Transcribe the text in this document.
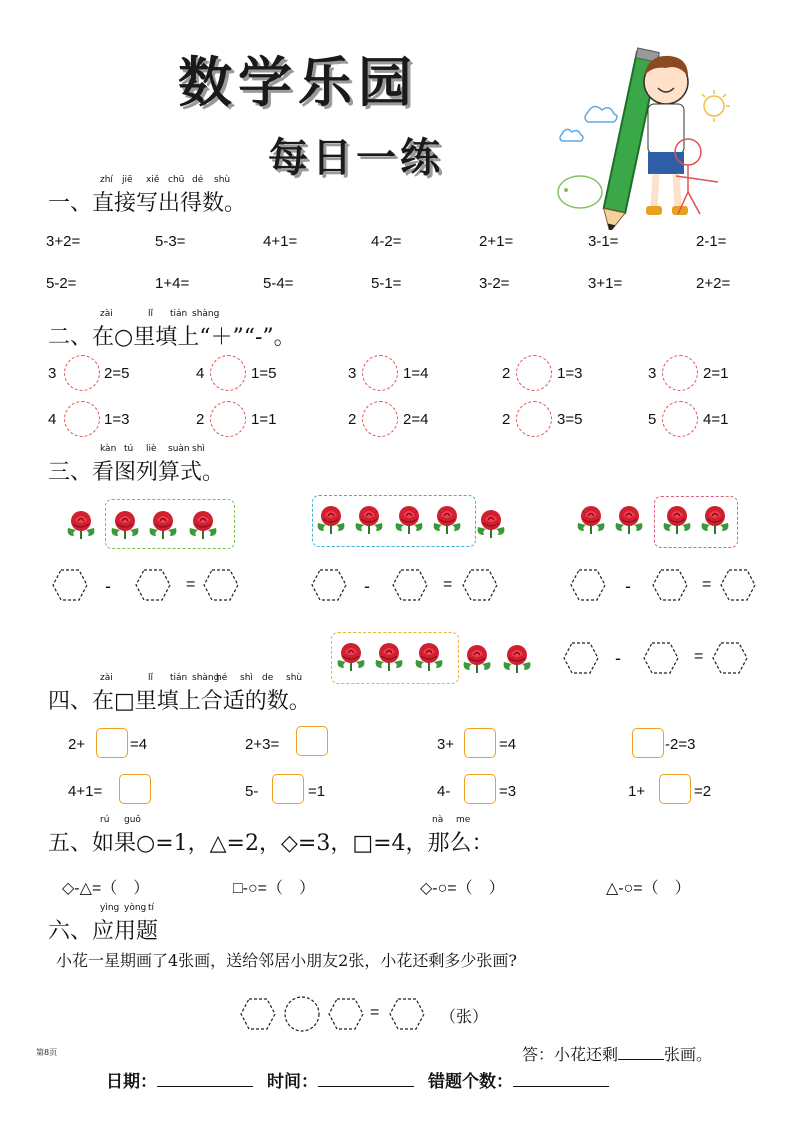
数学乐园
每日一练
一、直接写出得数。
zhí jiē xiě chū dé shù
3+2=	5-3=	4+1=	4-2=	2+1=	3-1=	2-1=
5-2=	1+4=	5-4=	5-1=	3-2=	3+1=	2+2=
二、在○里填上“＋”“-”。
zài	lǐ tián shàng
3	2=5	4	1=5	3	1=4	2	1=3	3	2=1
4	1=3	2	1=1	2	2=4	2	3=5	5	4=1
三、看图列算式。
kàn tú liè suàn shì
-	=	-	=	-	=
-	=
四、在□里填上合适的数。
zài	lǐ tián shàng
hé shì de shù
2+	=4	2+3=	3+	=4	-2=3
4+1=	5-	=1	4-	=3	1+	=2
五、如果○=1，△=2，◇=3，□=4，那么：
rú guǒ	nà me
◇-△=（　）	□-○=（　）	◇-○=（　）	△-○=（　）
六、应用题
yìng yòng tí
小花一星期画了4张画，送给邻居小朋友2张，小花还剩多少张画?
=	（张）
第8页	答：小花还剩	张画。
日期：	时间：	错题个数：
